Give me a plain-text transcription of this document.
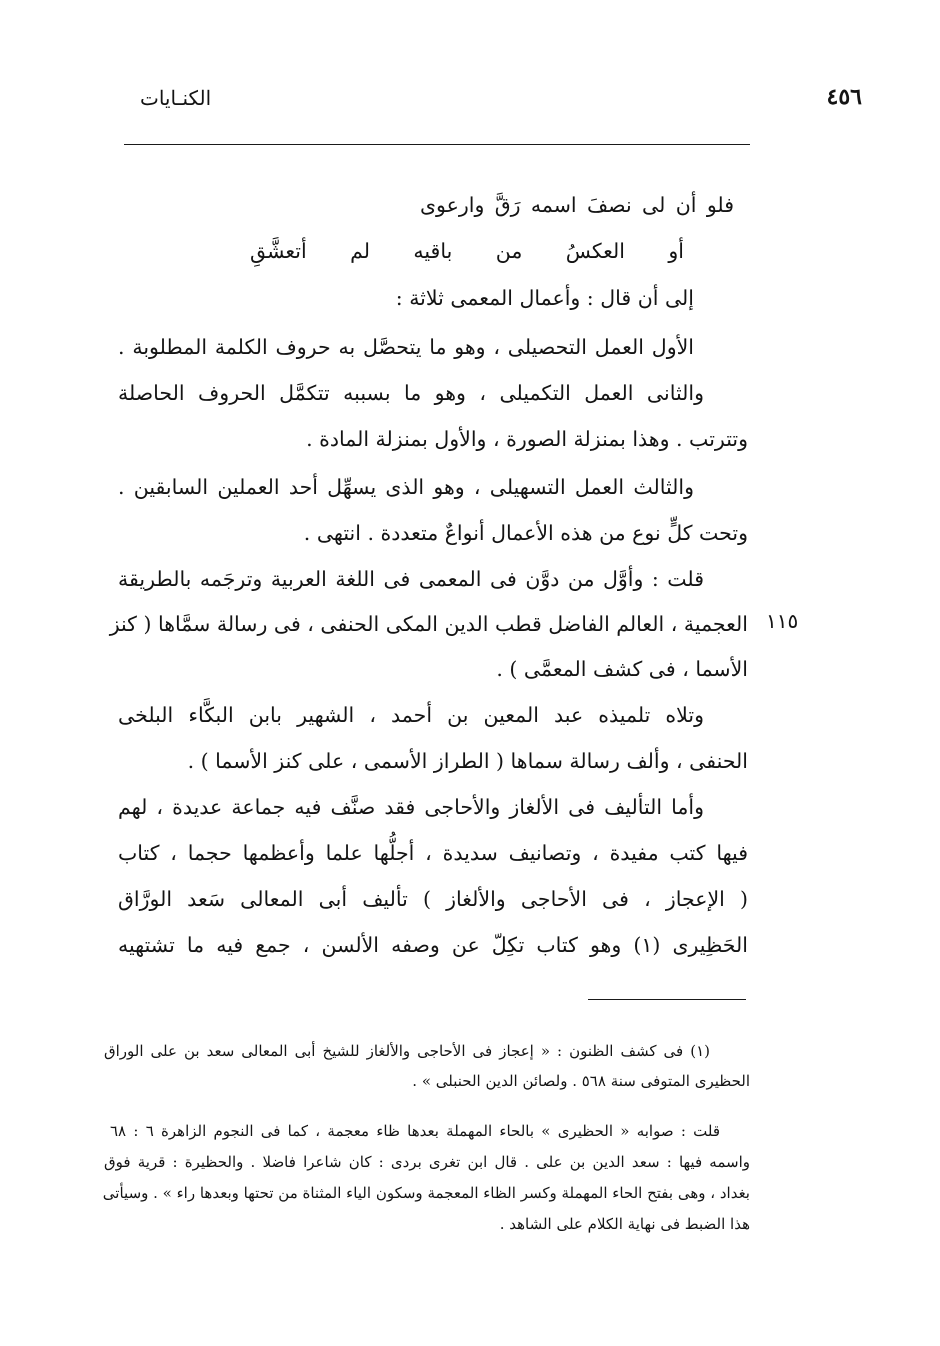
٤٥٦
الكنـايات
فلو أن لى نصفَ اسمه رَقَّ وارعوى
أو العكسُ من باقيه لم أتعشَّقِ
إلى أن قال : وأعمال المعمى ثلاثة :
الأول العمل التحصيلى ، وهو ما يتحصَّل به حروف الكلمة المطلوبة .
والثانى العمل التكميلى ، وهو ما بسببه تتكمَّل الحروف الحاصلة
وتترتب . وهذا بمنزلة الصورة ، والأول بمنزلة المادة .
والثالث العمل التسهيلى ، وهو الذى يسهِّل أحد العملين السابقين .
وتحت كلٍّ نوع من هذه الأعمال أنواعٌ متعددة . انتهى .
قلت : وأوَّل من دوَّن فى المعمى فى اللغة العربية وترجَمه بالطريقة
العجمية ، العالم الفاضل قطب الدين المكى الحنفى ، فى رسالة سمَّاها ( كنز
الأسما ، فى كشف المعمَّى ) .
وتلاه تلميذه عبد المعين بن أحمد ، الشهير بابن البكَّاء البلخى
الحنفى ، وألف رسالة سماها ( الطراز الأسمى ، على كنز الأسما ) .
وأما التأليف فى الألغاز والأحاجى فقد صنَّف فيه جماعة عديدة ، لهم
فيها كتب مفيدة ، وتصانيف سديدة ، أجلُّها علما وأعظمها حجما ، كتاب
( الإعجاز ، فى الأحاجى والألغاز ) تأليف أبى المعالى سَعد الورَّاق
الحَظِيرى (١) وهو كتاب تكِلّ عن وصفه الألسن ، جمع فيه ما تشتهيه
١١٥
(١) فى كشف الظنون : « إعجاز فى الأحاجى والألغاز للشيخ أبى المعالى سعد بن على الوراق
الحظيرى المتوفى سنة ٥٦٨ . ولصائن الدين الحنبلى » .
قلت : صوابه « الحظيرى » بالحاء المهملة بعدها ظاء معجمة ، كما فى النجوم الزاهرة ٦ : ٦٨
واسمه فيها : سعد الدين بن على . قال ابن تغرى بردى : كان شاعرا فاضلا . والحظيرة : قرية فوق
بغداد ، وهى بفتح الحاء المهملة وكسر الظاء المعجمة وسكون الياء المثناة من تحتها وبعدها راء » . وسيأتى
هذا الضبط فى نهاية الكلام على الشاهد .
